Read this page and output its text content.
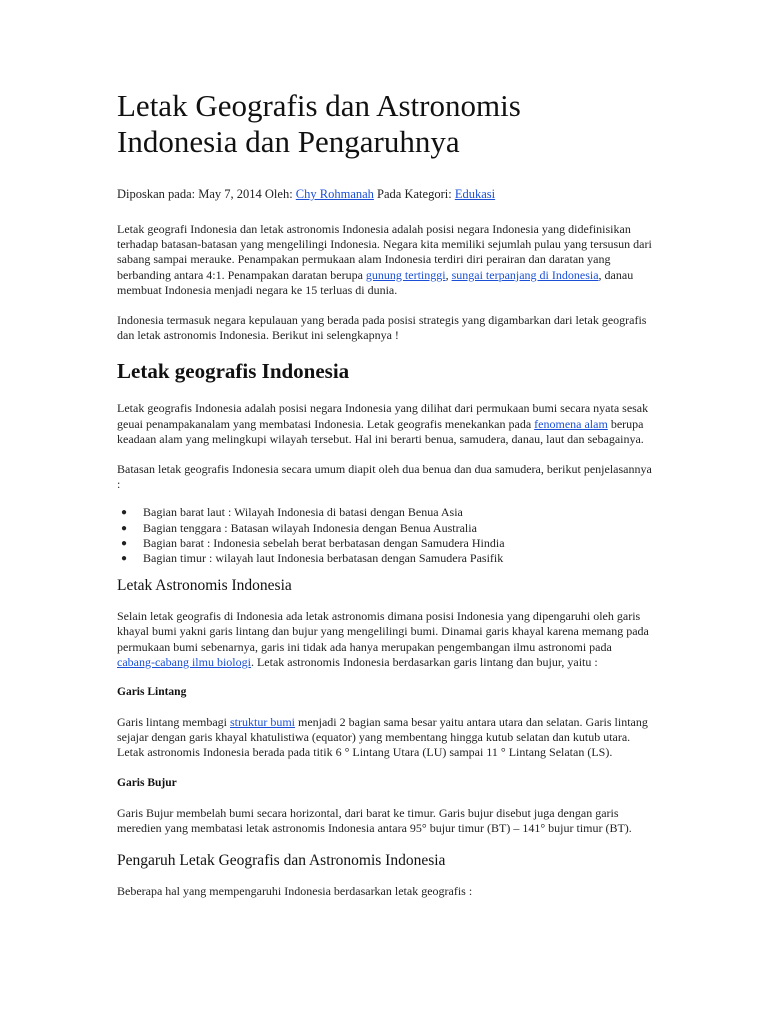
Letak Geografis dan Astronomis
Indonesia dan Pengaruhnya
Diposkan pada: May 7, 2014 Oleh: Chy Rohmanah Pada Kategori: Edukasi

Letak geografi Indonesia dan letak astronomis Indonesia adalah posisi negara Indonesia yang didefinisikan terhadap batasan-batasan yang mengelilingi Indonesia. Negara kita memiliki sejumlah pulau yang tersusun dari sabang sampai merauke. Penampakan permukaan alam Indonesia terdiri diri perairan dan daratan yang berbanding antara 4:1. Penampakan daratan berupa gunung tertinggi, sungai terpanjang di Indonesia, danau membuat Indonesia menjadi negara ke 15 terluas di dunia.

Indonesia termasuk negara kepulauan yang berada pada posisi strategis yang digambarkan dari letak geografis dan letak astronomis Indonesia. Berikut ini selengkapnya !

Letak geografis Indonesia

Letak geografis Indonesia adalah posisi negara Indonesia yang dilihat dari permukaan bumi secara nyata sesak geuai penampakanalam yang membatasi Indonesia. Letak geografis menekankan pada fenomena alam berupa keadaan alam yang melingkupi wilayah tersebut. Hal ini berarti benua, samudera, danau, laut dan sebagainya.

Batasan letak geografis Indonesia secara umum diapit oleh dua benua dan dua samudera, berikut penjelasannya :

● Bagian barat laut : Wilayah Indonesia di batasi dengan Benua Asia
● Bagian tenggara : Batasan wilayah Indonesia dengan Benua Australia
● Bagian barat : Indonesia sebelah berat berbatasan dengan Samudera Hindia
● Bagian timur : wilayah laut Indonesia berbatasan dengan Samudera Pasifik
Letak Astronomis Indonesia

Selain letak geografis di Indonesia ada letak astronomis dimana posisi Indonesia yang dipengaruhi oleh garis khayal bumi yakni garis lintang dan bujur yang mengelilingi bumi. Dinamai garis khayal karena memang pada permukaan bumi sebenarnya, garis ini tidak ada hanya merupakan pengembangan ilmu astronomi pada cabang-cabang ilmu biologi. Letak astronomis Indonesia berdasarkan garis lintang dan bujur, yaitu :

Garis Lintang

Garis lintang membagi struktur bumi menjadi 2 bagian sama besar yaitu antara utara dan selatan. Garis lintang sejajar dengan garis khayal khatulistiwa (equator) yang membentang hingga kutub selatan dan kutub utara. Letak astronomis Indonesia berada pada titik 6 ° Lintang Utara (LU) sampai 11 ° Lintang Selatan (LS).

Garis Bujur

Garis Bujur membelah bumi secara horizontal, dari barat ke timur. Garis bujur disebut juga dengan garis meredien yang membatasi letak astronomis Indonesia antara 95° bujur timur (BT) – 141° bujur timur (BT).

Pengaruh Letak Geografis dan Astronomis Indonesia

Beberapa hal yang mempengaruhi Indonesia berdasarkan letak geografis :
